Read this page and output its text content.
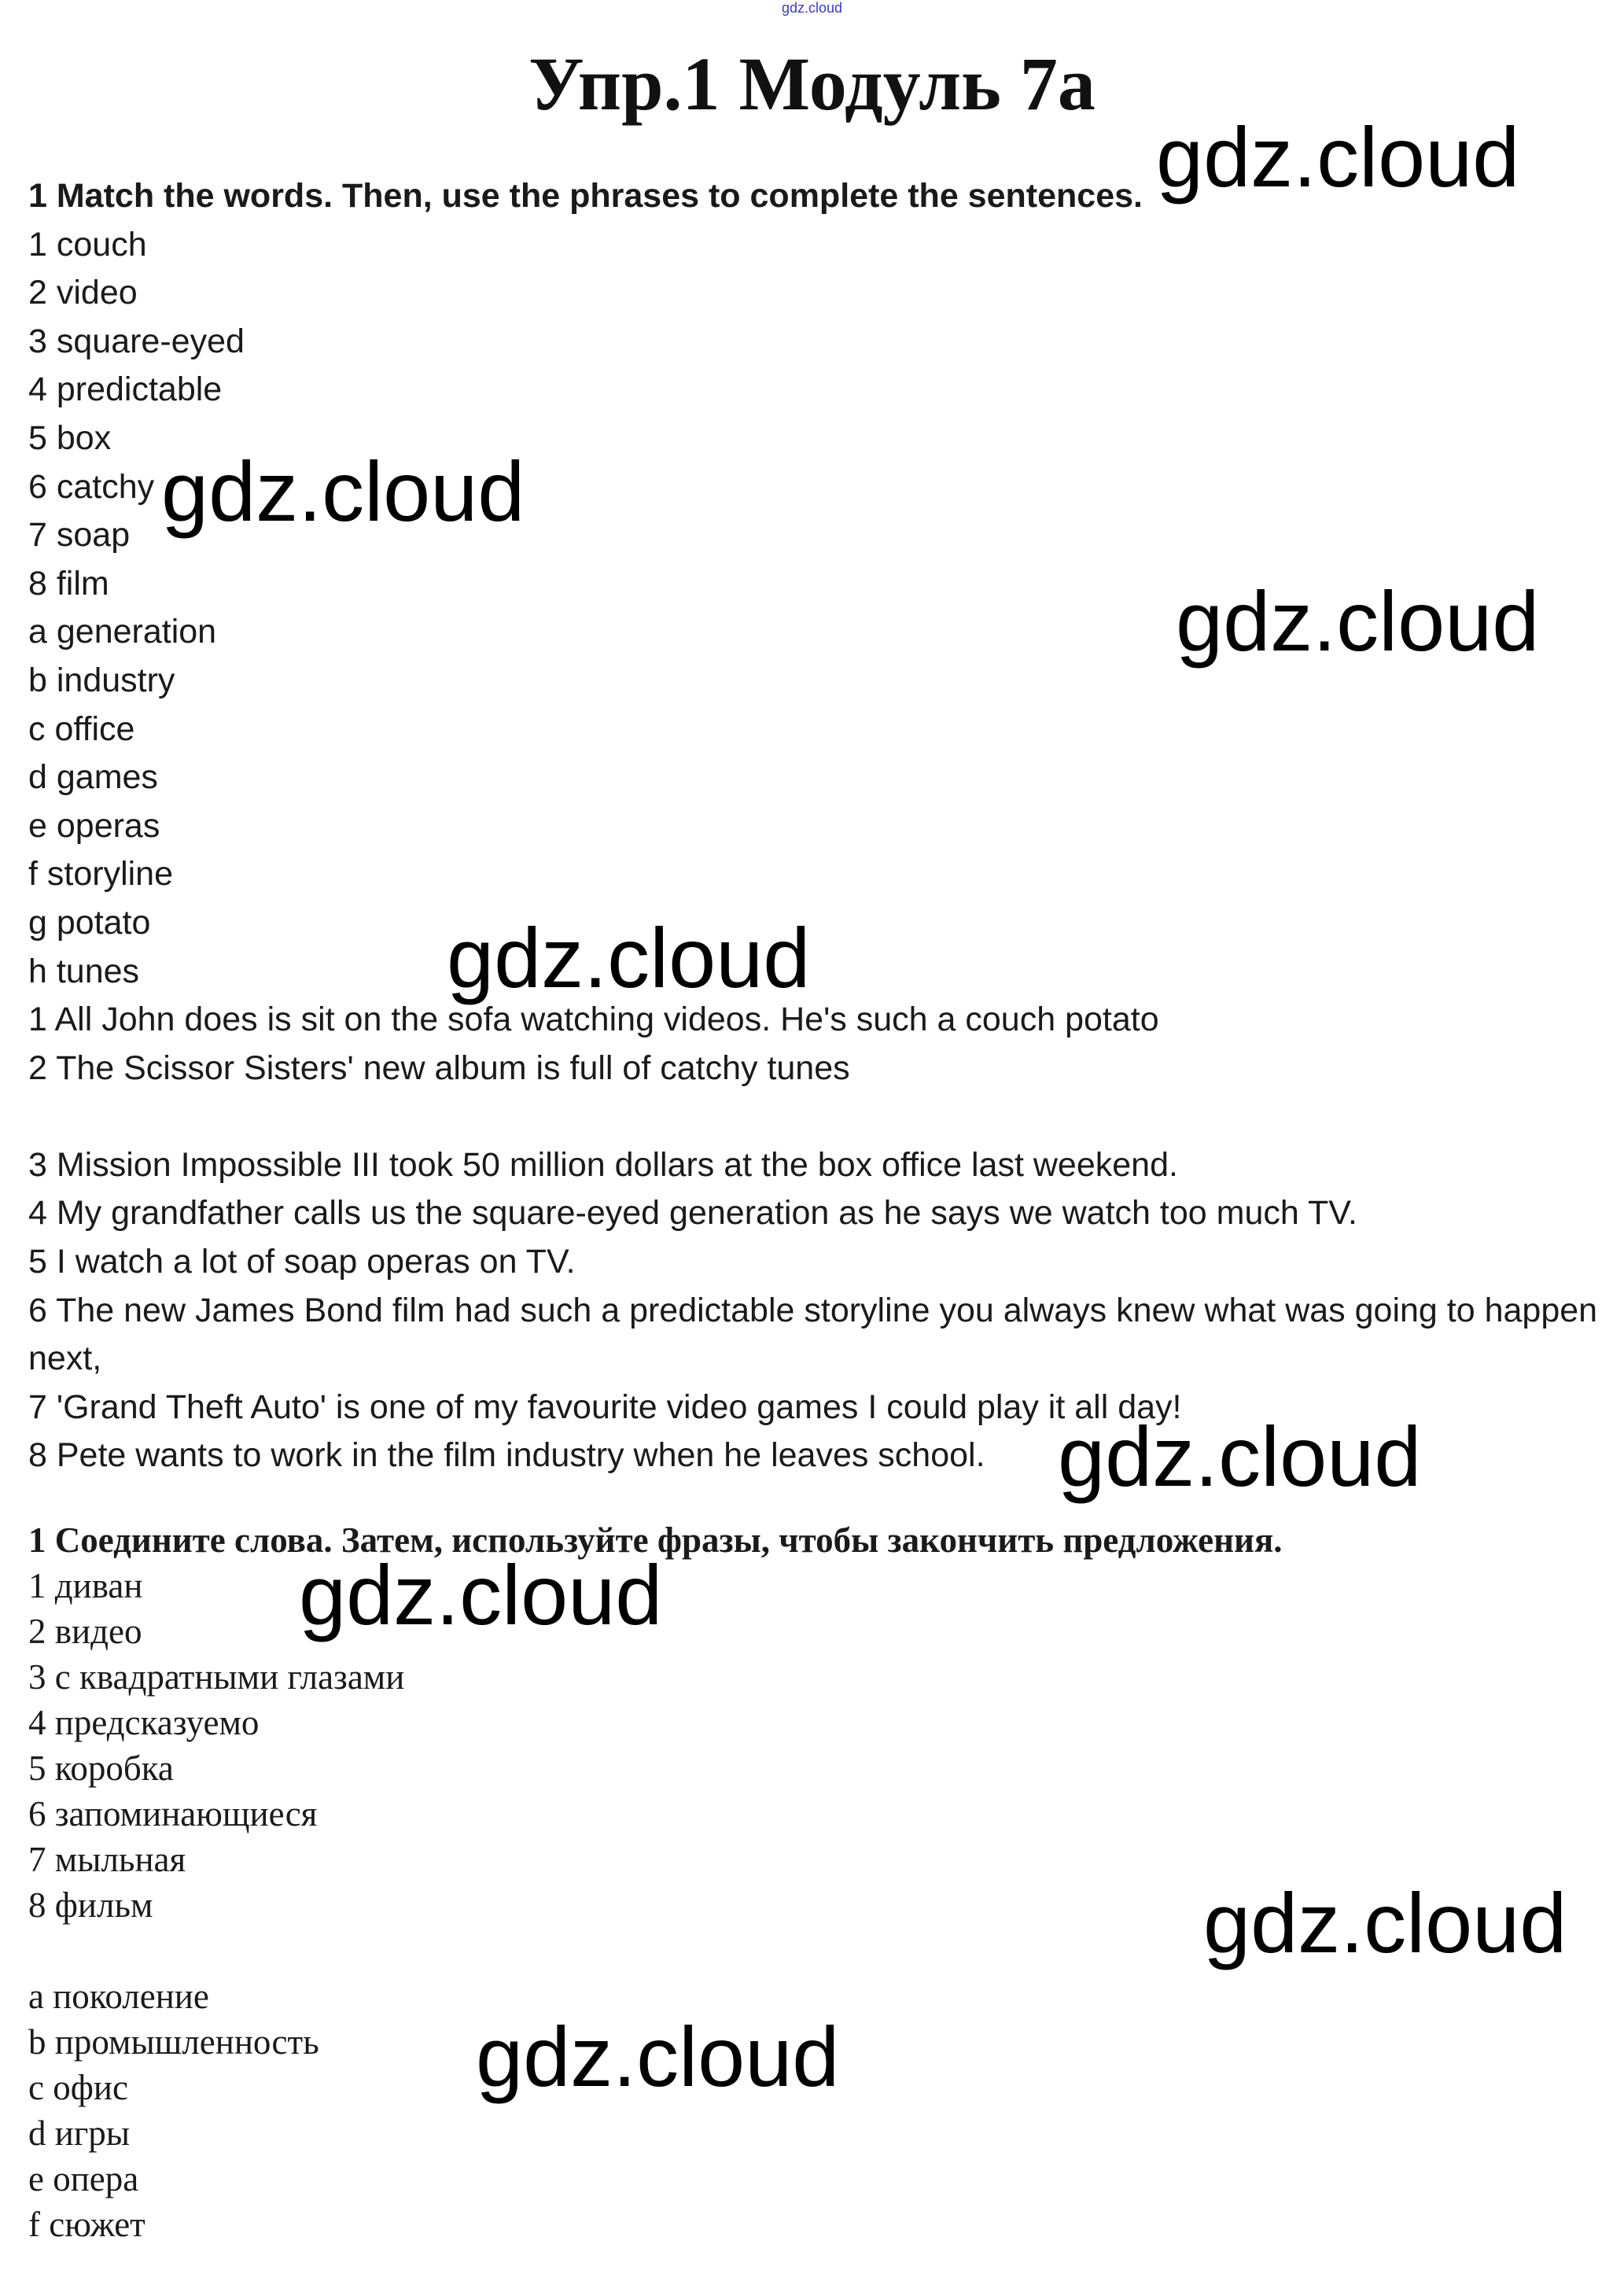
gdz.cloud
Упр.1 Модуль 7а
1 Match the words. Then, use the phrases to complete the sentences.
1 couch
2 video
3 square-eyed
4 predictable
5 box
6 catchy
7 soap
8 film
a generation
b industry
c office
d games
e operas
f storyline
g potato
h tunes
1 All John does is sit on the sofa watching videos. He's such a couch potato
2 The Scissor Sisters' new album is full of catchy tunes
3 Mission Impossible III took 50 million dollars at the box office last weekend.
4 My grandfather calls us the square-eyed generation as he says we watch too much TV.
5 I watch a lot of soap operas on TV.
6 The new James Bond film had such a predictable storyline you always knew what was going to happen next,
7 'Grand Theft Auto' is one of my favourite video games I could play it all day!
8 Pete wants to work in the film industry when he leaves school.
1 Соедините слова. Затем, используйте фразы, чтобы закончить предложения.
1 диван
2 видео
3 с квадратными глазами
4 предсказуемо
5 коробка
6 запоминающиеся
7 мыльная
8 фильм
a поколение
b промышленность
c офис
d игры
e опера
f сюжет
gdz.cloud
gdz.cloud
gdz.cloud
gdz.cloud
gdz.cloud
gdz.cloud
gdz.cloud
gdz.cloud
